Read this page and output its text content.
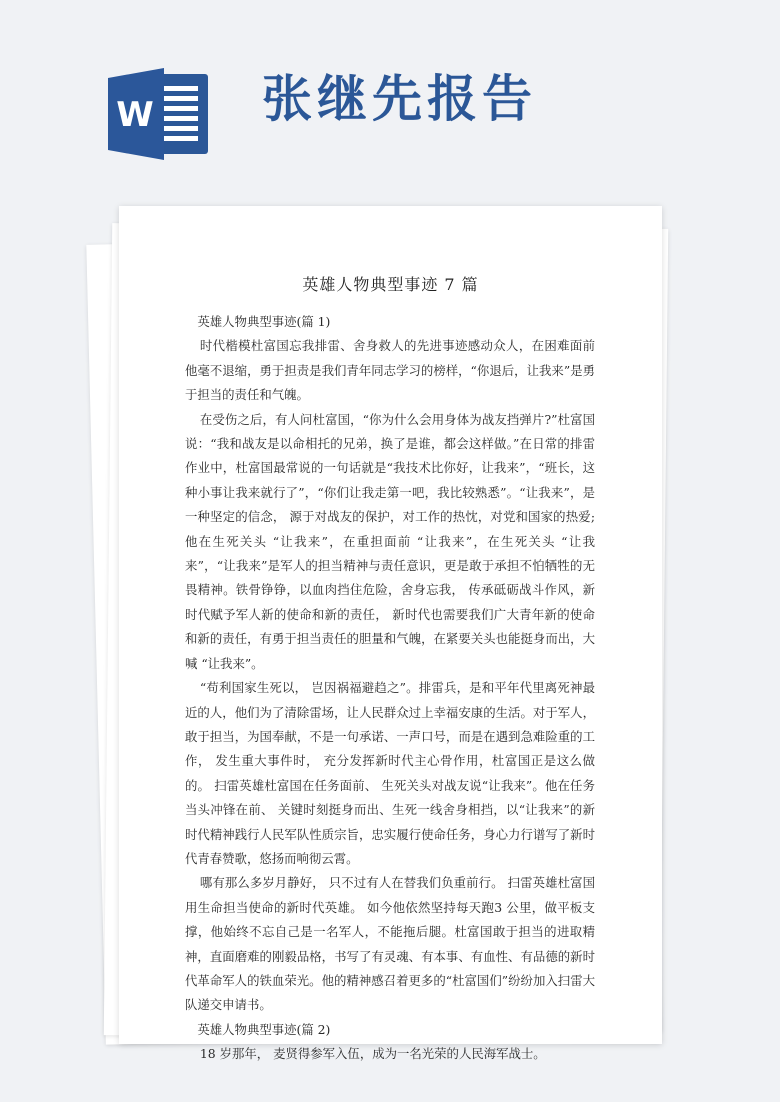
W 张继先报告
英雄人物典型事迹 7 篇

英雄人物典型事迹(篇 1)

时代楷模杜富国忘我排雷、舍身救人的先进事迹感动众人，在困难面前他毫不退缩，勇于担责是我们青年同志学习的榜样，“你退后，让我来”是勇于担当的责任和气魄。

在受伤之后，有人问杜富国，“你为什么会用身体为战友挡弹片?”杜富国说：“我和战友是以命相托的兄弟，换了是谁，都会这样做。”在日常的排雷作业中，杜富国最常说的一句话就是“我技术比你好，让我来”，“班长，这种小事让我来就行了”，“你们让我走第一吧，我比较熟悉”。“让我来”，是一种坚定的信念， 源于对战友的保护，对工作的热忱，对党和国家的热爱;他在生死关头 “让我来”，在重担面前 “让我来”，在生死关头 “让我来”，“让我来”是军人的担当精神与责任意识，更是敢于承担不怕牺牲的无畏精神。铁骨铮铮，以血肉挡住危险，舍身忘我， 传承砥砺战斗作风，新时代赋予军人新的使命和新的责任， 新时代也需要我们广大青年新的使命和新的责任，有勇于担当责任的胆量和气魄，在紧要关头也能挺身而出，大喊 “让我来”。

“苟利国家生死以， 岂因祸福避趋之”。排雷兵，是和平年代里离死神最近的人，他们为了清除雷场，让人民群众过上幸福安康的生活。对于军人， 敢于担当，为国奉献，不是一句承诺、一声口号，而是在遇到急难险重的工作， 发生重大事件时， 充分发挥新时代主心骨作用，杜富国正是这么做的。 扫雷英雄杜富国在任务面前、 生死关头对战友说“让我来”。他在任务当头冲锋在前、 关键时刻挺身而出、生死一线舍身相挡，以“让我来”的新时代精神践行人民军队性质宗旨，忠实履行使命任务，身心力行谱写了新时代青春赞歌，悠扬而响彻云霄。

哪有那么多岁月静好， 只不过有人在替我们负重前行。 扫雷英雄杜富国用生命担当使命的新时代英雄。 如今他依然坚持每天跑3 公里，做平板支撑，他始终不忘自己是一名军人，不能拖后腿。杜富国敢于担当的进取精神，直面磨难的刚毅品格，书写了有灵魂、有本事、有血性、有品德的新时代革命军人的铁血荣光。他的精神感召着更多的“杜富国们”纷纷加入扫雷大队递交申请书。

英雄人物典型事迹(篇 2)

18 岁那年， 麦贤得参军入伍，成为一名光荣的人民海军战士。
